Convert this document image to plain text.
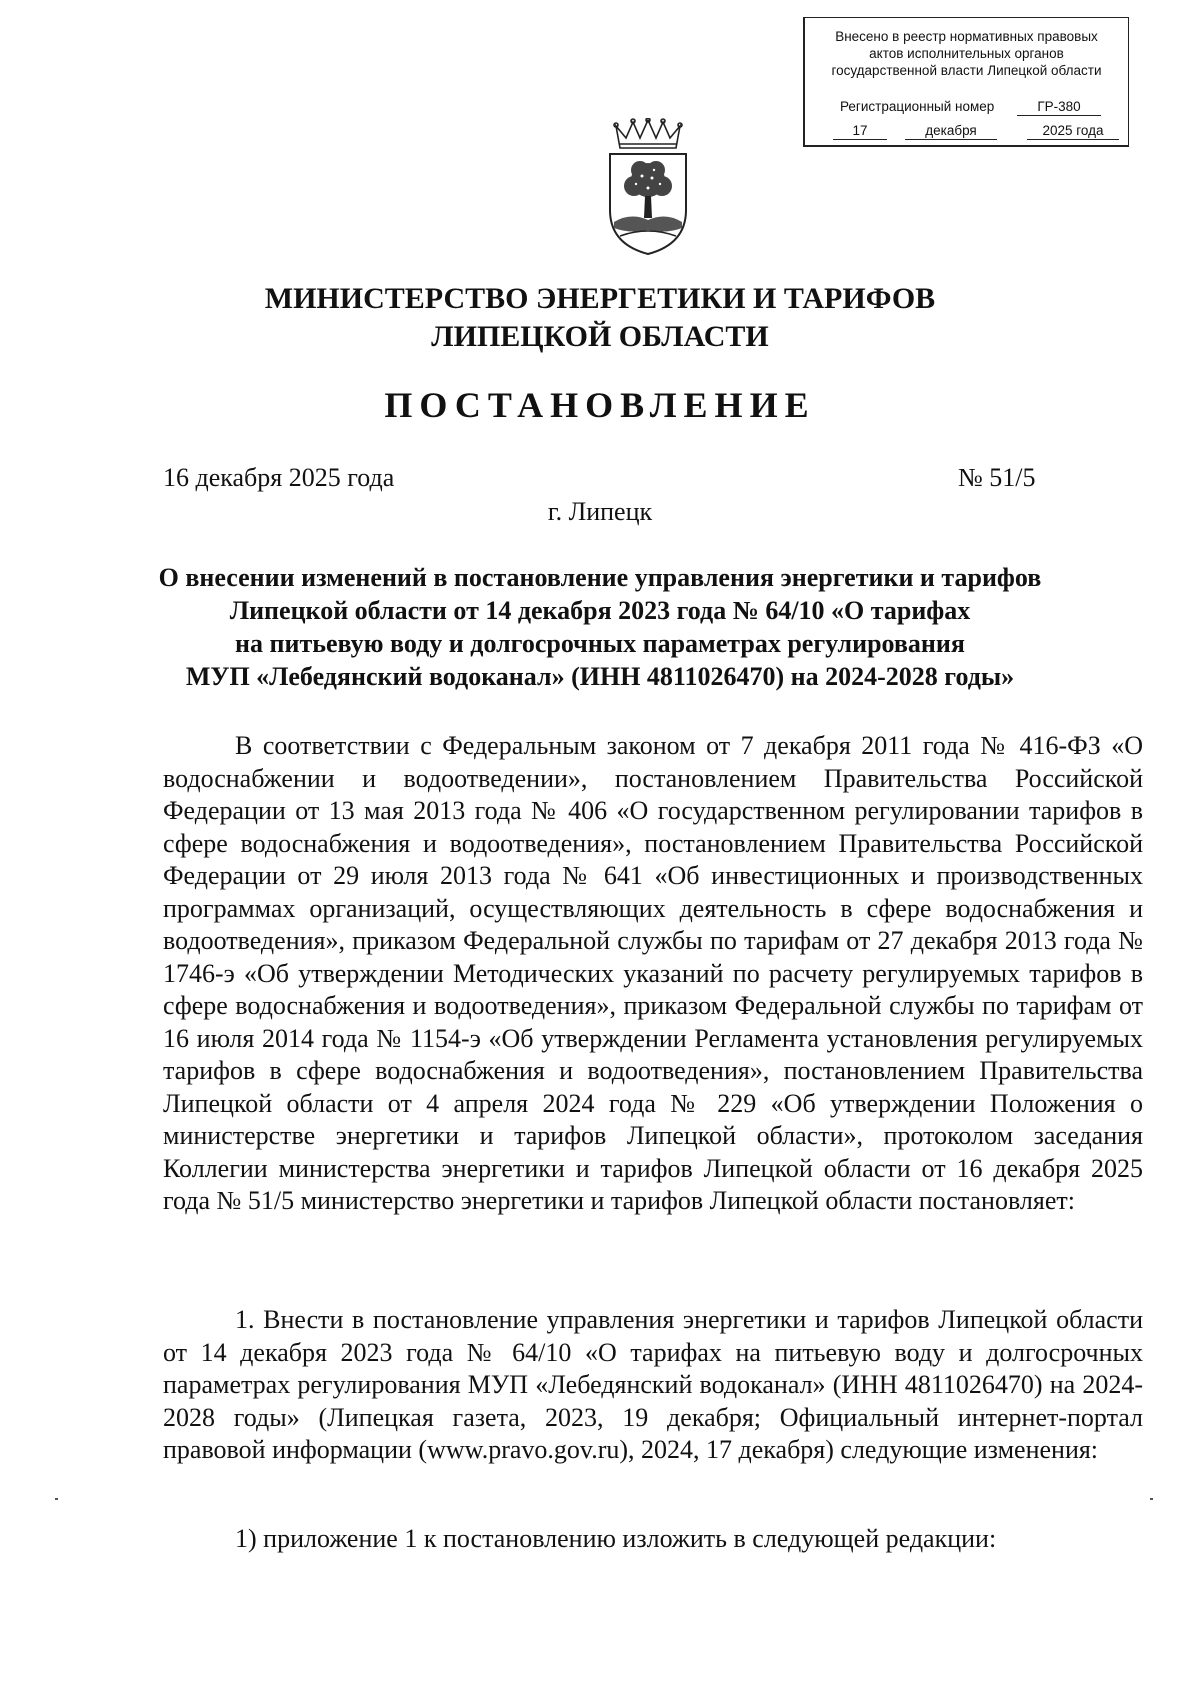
Внесено в реестр нормативных правовых
актов исполнительных органов
государственной власти Липецкой области
Регистрационный номер	ГР-380
17	декабря	2025 года
МИНИСТЕРСТВО ЭНЕРГЕТИКИ И ТАРИФОВ
ЛИПЕЦКОЙ ОБЛАСТИ
ПОСТАНОВЛЕНИЕ
16 декабря 2025 года	№ 51/5
г. Липецк
О внесении изменений в постановление управления энергетики и тарифов
Липецкой области от 14 декабря 2023 года № 64/10 «О тарифах
на питьевую воду и долгосрочных параметрах регулирования
МУП «Лебедянский водоканал» (ИНН 4811026470) на 2024-2028 годы»

В соответствии с Федеральным законом от 7 декабря 2011 года № 416-ФЗ «О водоснабжении и водоотведении», постановлением Правительства Российской Федерации от 13 мая 2013 года № 406 «О государственном регулировании тарифов в сфере водоснабжения и водоотведения», постановлением Правительства Российской Федерации от 29 июля 2013 года № 641 «Об инвестиционных и производственных программах организаций, осуществляющих деятельность в сфере водоснабжения и водоотведения», приказом Федеральной службы по тарифам от 27 декабря 2013 года № 1746-э «Об утверждении Методических указаний по расчету регулируемых тарифов в сфере водоснабжения и водоотведения», приказом Федеральной службы по тарифам от 16 июля 2014 года № 1154-э «Об утверждении Регламента установления регулируемых тарифов в сфере водоснабжения и водоотведения», постановлением Правительства Липецкой области от 4 апреля 2024 года № 229 «Об утверждении Положения о министерстве энергетики и тарифов Липецкой области», протоколом заседания Коллегии министерства энергетики и тарифов Липецкой области от 16 декабря 2025 года № 51/5 министерство энергетики и тарифов Липецкой области постановляет:

1. Внести в постановление управления энергетики и тарифов Липецкой области от 14 декабря 2023 года № 64/10 «О тарифах на питьевую воду и долгосрочных параметрах регулирования МУП «Лебедянский водоканал» (ИНН 4811026470) на 2024-2028 годы» (Липецкая газета, 2023, 19 декабря; Официальный интернет-портал правовой информации (www.pravo.gov.ru), 2024, 17 декабря) следующие изменения:

1) приложение 1 к постановлению изложить в следующей редакции:
